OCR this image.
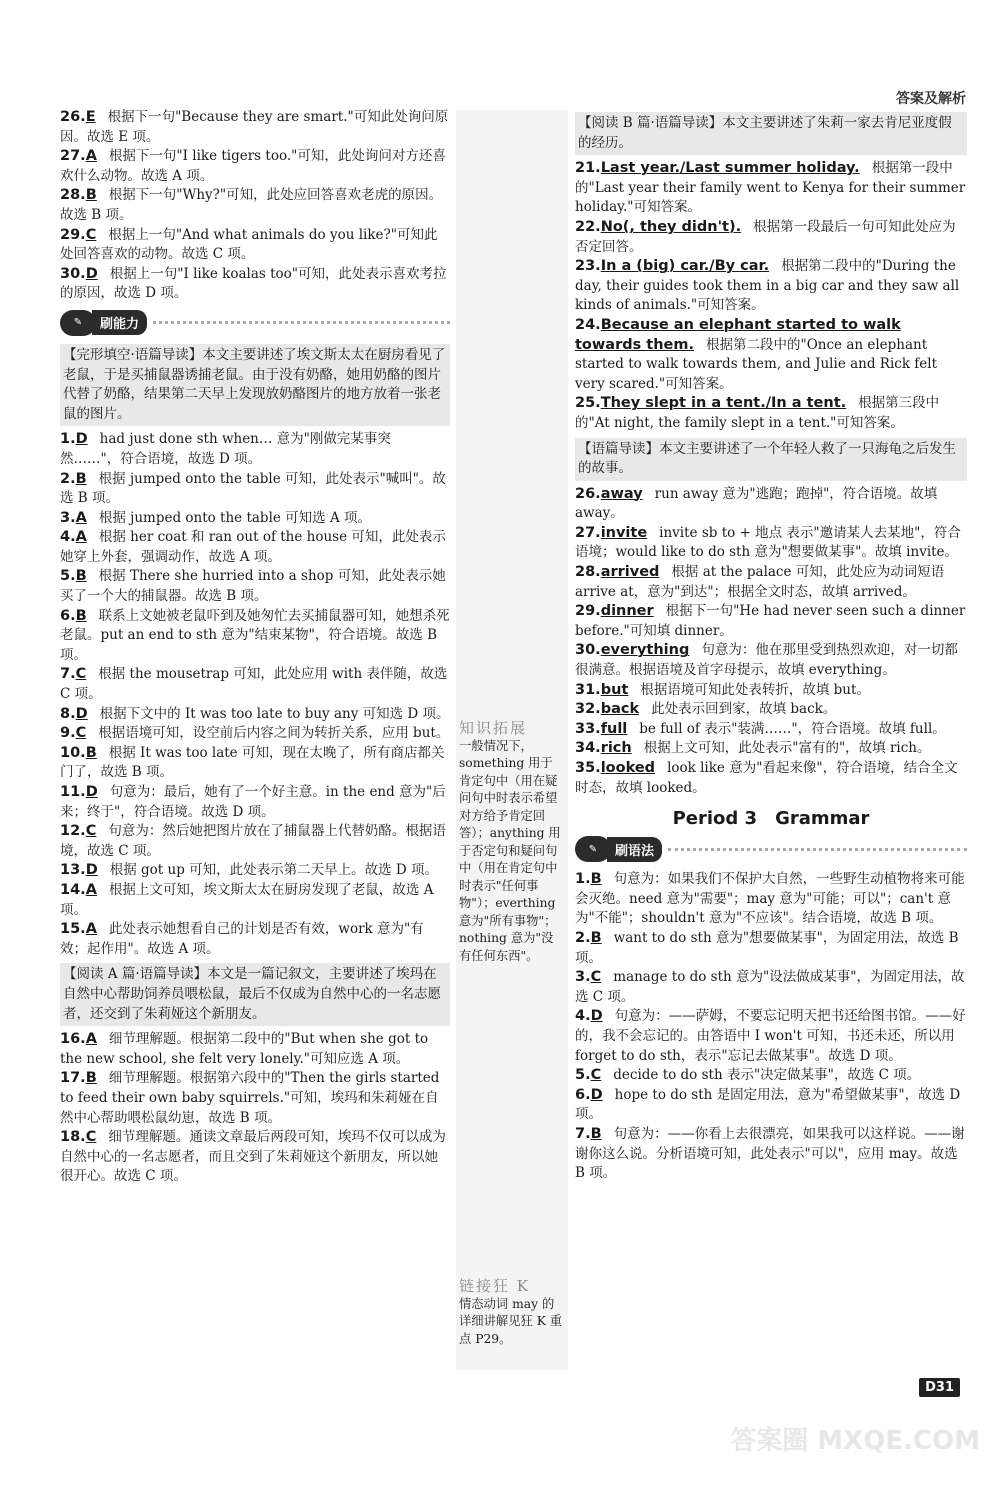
答案及解析
知识拓展
一般情况下，something 用于肯定句中（用在疑问句中时表示希望对方给予肯定回答）；anything 用于否定句和疑问句中（用在肯定句中时表示"任何事物"）；everthing 意为"所有事物"；nothing 意为"没有任何东西"。
链接狂 K
情态动词 may 的详细讲解见狂 K 重点 P29。

26.E 根据下一句"Because they are smart."可知此处询问原因。故选 E 项。

27.A 根据下一句"I like tigers too."可知，此处询问对方还喜欢什么动物。故选 A 项。

28.B 根据下一句"Why?"可知，此处应回答喜欢老虎的原因。故选 B 项。

29.C 根据上一句"And what animals do you like?"可知此处回答喜欢的动物。故选 C 项。

30.D 根据上一句"I like koalas too"可知，此处表示喜欢考拉的原因，故选 D 项。

✎	刷能力
【完形填空·语篇导读】本文主要讲述了埃文斯太太在厨房看见了老鼠，于是买捕鼠器诱捕老鼠。由于没有奶酪，她用奶酪的图片代替了奶酪，结果第二天早上发现放奶酪图片的地方放着一张老鼠的图片。

1.D had just done sth when… 意为"刚做完某事突然……"，符合语境，故选 D 项。

2.B 根据 jumped onto the table 可知，此处表示"喊叫"。故选 B 项。

3.A 根据 jumped onto the table 可知选 A 项。

4.A 根据 her coat 和 ran out of the house 可知，此处表示她穿上外套，强调动作，故选 A 项。

5.B 根据 There she hurried into a shop 可知，此处表示她买了一个大的捕鼠器。故选 B 项。

6.B 联系上文她被老鼠吓到及她匆忙去买捕鼠器可知，她想杀死老鼠。put an end to sth 意为"结束某物"，符合语境。故选 B 项。

7.C 根据 the mousetrap 可知，此处应用 with 表伴随，故选 C 项。

8.D 根据下文中的 It was too late to buy any 可知选 D 项。

9.C 根据语境可知，设空前后内容之间为转折关系，应用 but。

10.B 根据 It was too late 可知，现在太晚了，所有商店都关门了，故选 B 项。

11.D 句意为：最后，她有了一个好主意。in the end 意为"后来；终于"，符合语境。故选 D 项。

12.C 句意为：然后她把图片放在了捕鼠器上代替奶酪。根据语境，故选 C 项。

13.D 根据 got up 可知，此处表示第二天早上。故选 D 项。

14.A 根据上文可知，埃文斯太太在厨房发现了老鼠，故选 A 项。

15.A 此处表示她想看自己的计划是否有效，work 意为"有效；起作用"。故选 A 项。

【阅读 A 篇·语篇导读】本文是一篇记叙文，主要讲述了埃玛在自然中心帮助饲养员喂松鼠，最后不仅成为自然中心的一名志愿者，还交到了朱莉娅这个新朋友。

16.A 细节理解题。根据第二段中的"But when she got to the new school, she felt very lonely."可知应选 A 项。

17.B 细节理解题。根据第六段中的"Then the girls started to feed their own baby squirrels."可知，埃玛和朱莉娅在自然中心帮助喂松鼠幼崽，故选 B 项。

18.C 细节理解题。通读文章最后两段可知，埃玛不仅可以成为自然中心的一名志愿者，而且交到了朱莉娅这个新朋友，所以她很开心。故选 C 项。

【阅读 B 篇·语篇导读】本文主要讲述了朱莉一家去肯尼亚度假的经历。

21.Last year./Last summer holiday. 根据第一段中的"Last year their family went to Kenya for their summer holiday."可知答案。

22.No(, they didn't). 根据第一段最后一句可知此处应为否定回答。

23.In a (big) car./By car. 根据第二段中的"During the day, their guides took them in a big car and they saw all kinds of animals."可知答案。

24.Because an elephant started to walk towards them. 根据第二段中的"Once an elephant started to walk towards them, and Julie and Rick felt very scared."可知答案。

25.They slept in a tent./In a tent. 根据第三段中的"At night, the family slept in a tent."可知答案。

【语篇导读】本文主要讲述了一个年轻人救了一只海龟之后发生的故事。

26.away run away 意为"逃跑；跑掉"，符合语境。故填 away。

27.invite invite sb to + 地点 表示"邀请某人去某地"，符合语境；would like to do sth 意为"想要做某事"。故填 invite。

28.arrived 根据 at the palace 可知，此处应为动词短语 arrive at，意为"到达"；根据全文时态，故填 arrived。

29.dinner 根据下一句"He had never seen such a dinner before."可知填 dinner。

30.everything 句意为：他在那里受到热烈欢迎，对一切都很满意。根据语境及首字母提示，故填 everything。

31.but 根据语境可知此处表转折，故填 but。

32.back 此处表示回到家，故填 back。

33.full be full of 表示"装满……"，符合语境。故填 full。

34.rich 根据上文可知，此处表示"富有的"，故填 rich。

35.looked look like 意为"看起来像"，符合语境，结合全文时态，故填 looked。

Period 3　Grammar
✎	刷语法

1.B 句意为：如果我们不保护大自然，一些野生动植物将来可能会灭绝。need 意为"需要"；may 意为"可能；可以"；can't 意为"不能"；shouldn't 意为"不应该"。结合语境，故选 B 项。

2.B want to do sth 意为"想要做某事"，为固定用法，故选 B 项。

3.C manage to do sth 意为"设法做成某事"，为固定用法，故选 C 项。

4.D 句意为：——萨姆，不要忘记明天把书还给图书馆。——好的，我不会忘记的。由答语中 I won't 可知，书还未还，所以用 forget to do sth，表示"忘记去做某事"。故选 D 项。

5.C decide to do sth 表示"决定做某事"，故选 C 项。

6.D hope to do sth 是固定用法，意为"希望做某事"，故选 D 项。

7.B 句意为：——你看上去很漂亮，如果我可以这样说。——谢谢你这么说。分析语境可知，此处表示"可以"，应用 may。故选 B 项。

D31
答案圈 MXQE.COM
